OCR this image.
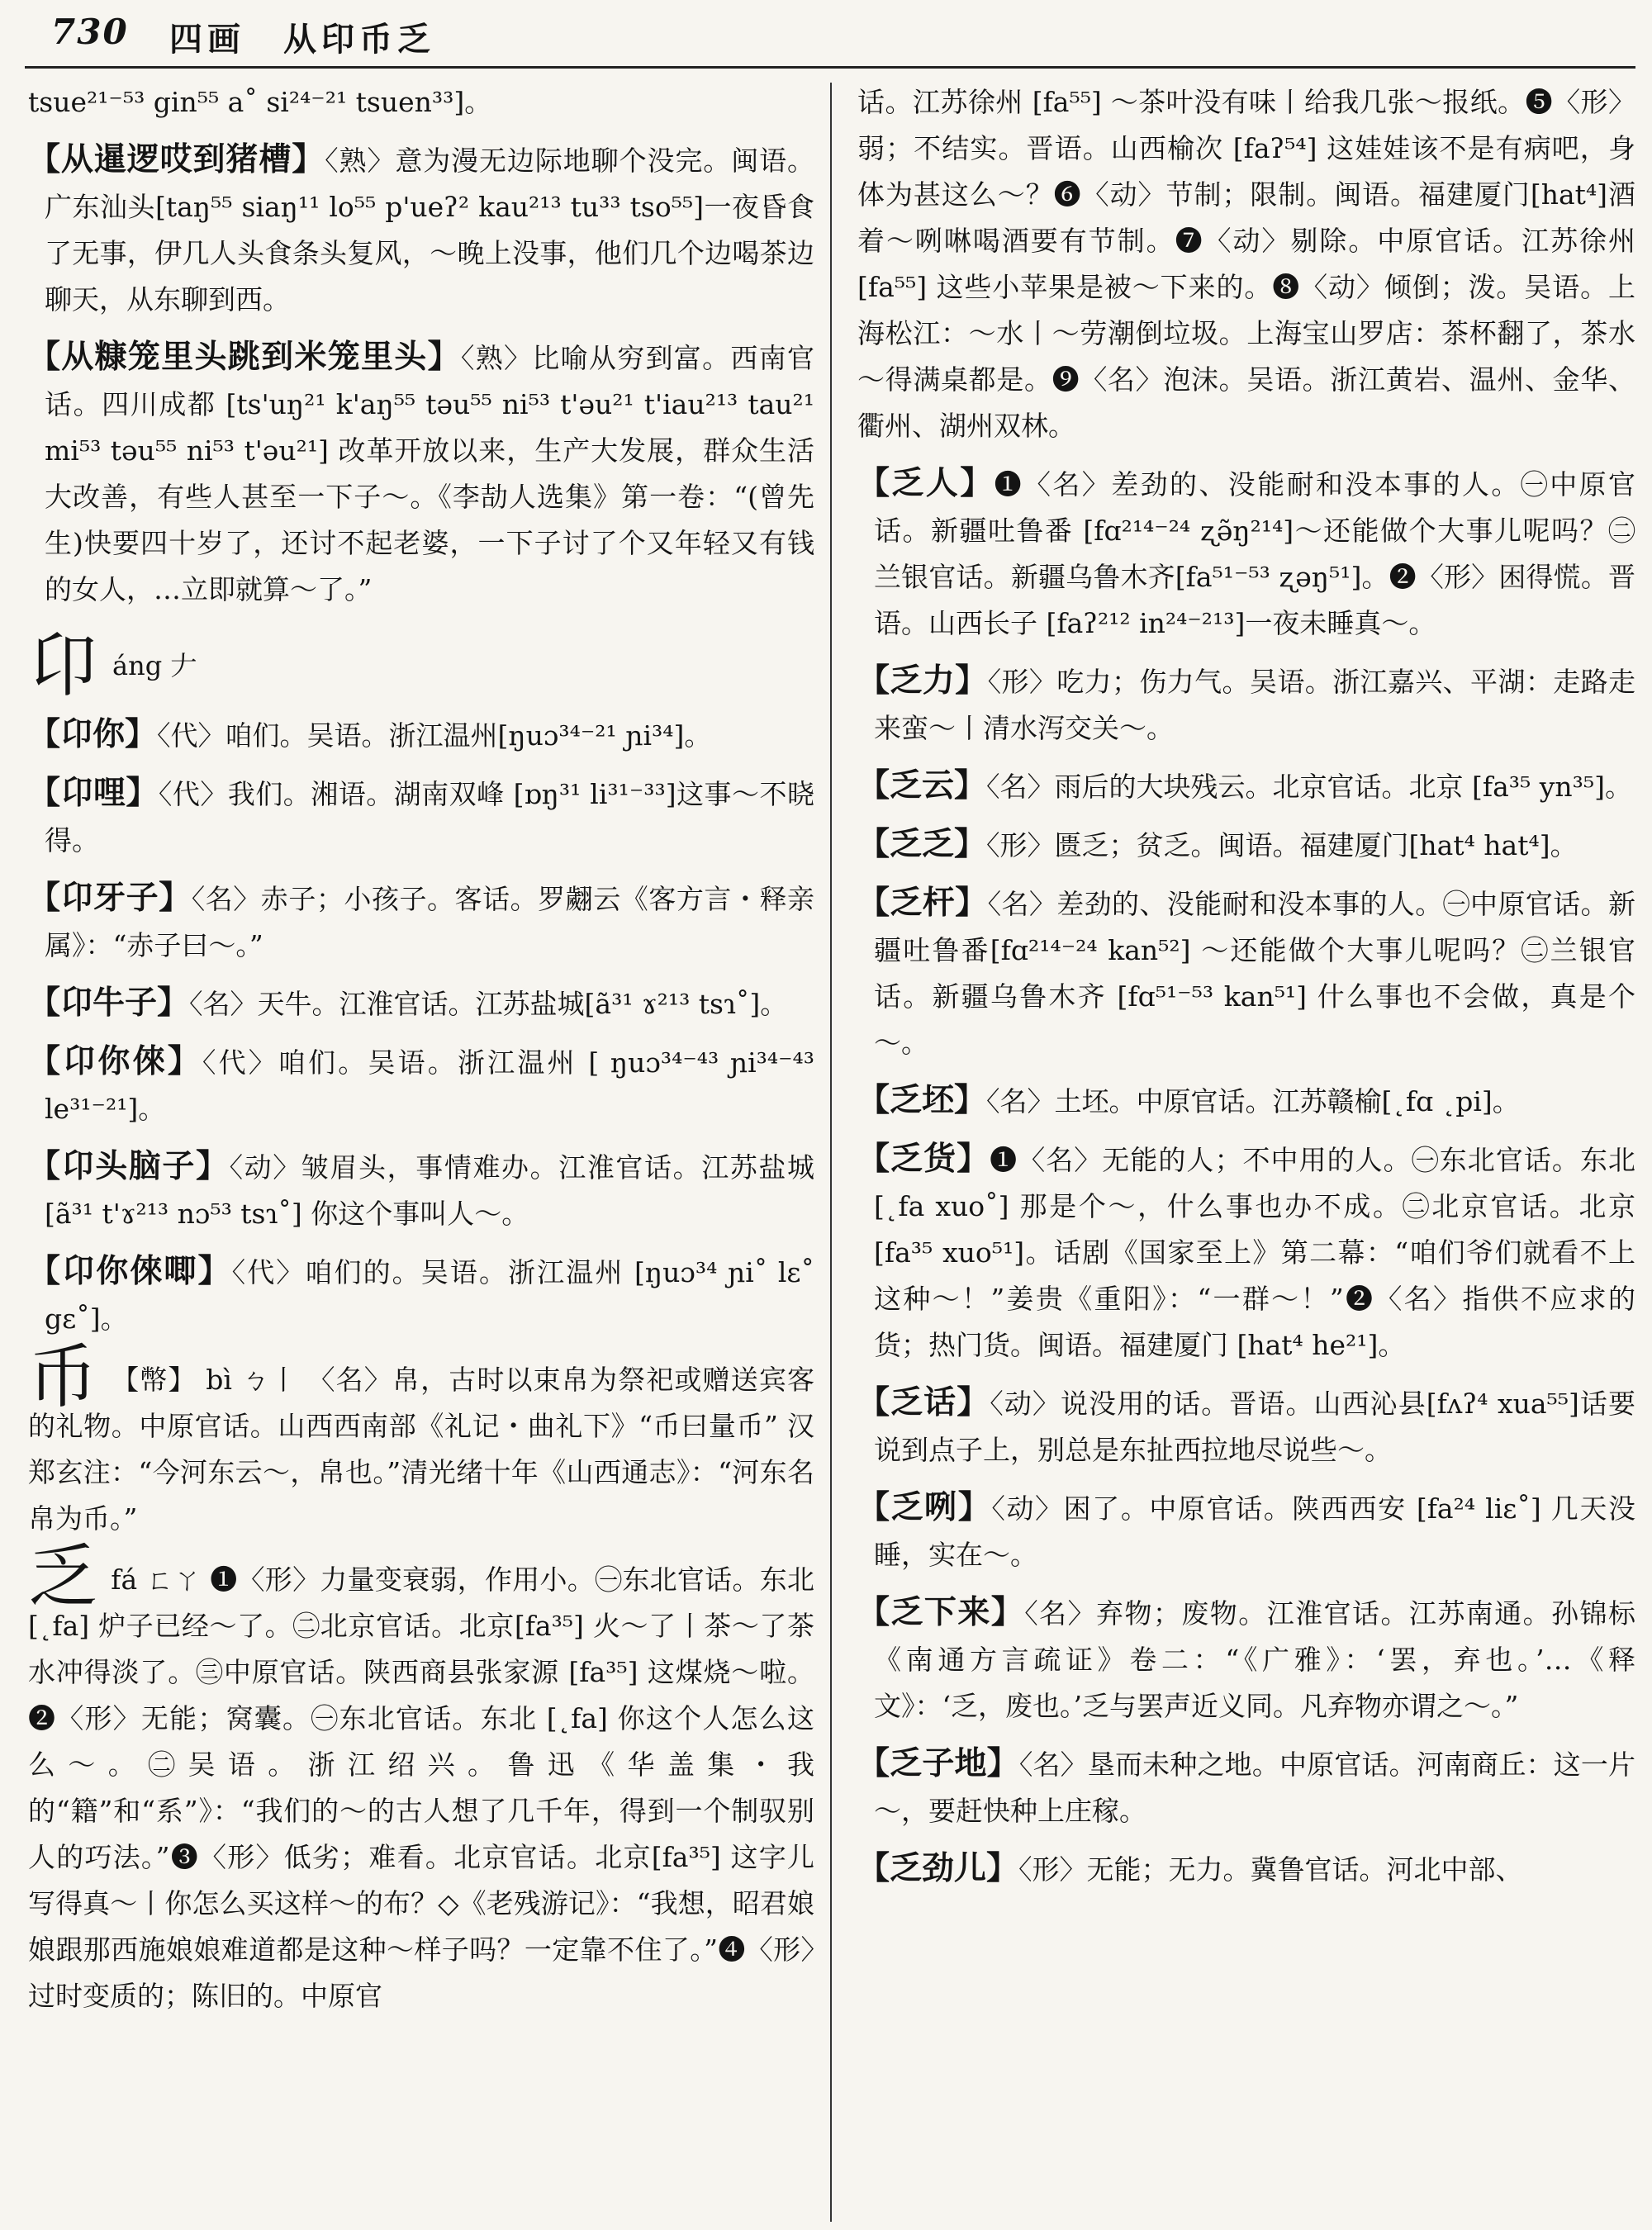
730 四画　从印币乏

tsue²¹⁻⁵³ gin⁵⁵ a˚ si²⁴⁻²¹ tsuen³³]。

【从暹逻哎到猪槽】〈熟〉意为漫无边际地聊个没完。闽语。广东汕头[taŋ⁵⁵ siaŋ¹¹ lo⁵⁵ p'ueʔ² kau²¹³ tu³³ tso⁵⁵]一夜昏食了无事，伊几人头食条头复风，～晚上没事，他们几个边喝茶边聊天，从东聊到西。

【从糠笼里头跳到米笼里头】〈熟〉比喻从穷到富。西南官话。四川成都 [ts'uŋ²¹ k'aŋ⁵⁵ təu⁵⁵ ni⁵³ t'əu²¹ t'iau²¹³ tau²¹ mi⁵³ təu⁵⁵ ni⁵³ t'əu²¹] 改革开放以来，生产大发展，群众生活大改善，有些人甚至一下子～。《李劼人选集》第一卷：“(曾先生)快要四十岁了，还讨不起老婆，一下子讨了个又年轻又有钱的女人，…立即就算～了。”

卬áng 𠂇

【卬你】〈代〉咱们。吴语。浙江温州[ŋuɔ³⁴⁻²¹ ɲi³⁴]。

【卬哩】〈代〉我们。湘语。湖南双峰 [ɒŋ³¹ li³¹⁻³³]这事～不晓得。

【卬牙子】〈名〉赤子；小孩子。客话。罗翽云《客方言・释亲属》：“赤子曰～。”

【卬牛子】〈名〉天牛。江淮官话。江苏盐城[ã³¹ ɤ²¹³ tsɿ˚]。

【卬你倈】〈代〉咱们。吴语。浙江温州 [ ŋuɔ³⁴⁻⁴³ ɲi³⁴⁻⁴³ le³¹⁻²¹]。

【卬头脑子】〈动〉皱眉头，事情难办。江淮官话。江苏盐城 [ã³¹ t'ɤ²¹³ nɔ⁵³ tsɿ˚] 你这个事叫人～。

【卬你倈唧】〈代〉咱们的。吴语。浙江温州 [ŋuɔ³⁴ ɲi˚ lɛ˚ gɛ˚]。

币 【幣】 bì ㄅ丨 〈名〉帛，古时以束帛为祭祀或赠送宾客的礼物。中原官话。山西西南部《礼记・曲礼下》“币曰量币” 汉郑玄注：“今河东云～，帛也。”清光绪十年《山西通志》：“河东名帛为币。”

乏fá ㄈㄚ ❶〈形〉力量变衰弱，作用小。㊀东北官话。东北 [˛fa] 炉子已经～了。㊁北京官话。北京[fa³⁵] 火～了丨茶～了茶水冲得淡了。㊂中原官话。陕西商县张家源 [fa³⁵] 这煤烧～啦。❷〈形〉无能；窝囊。㊀东北官话。东北 [˛fa] 你这个人怎么这么～。㊁吴语。浙江绍兴。鲁迅《华盖集・我的“籍”和“系”》：“我们的～的古人想了几千年，得到一个制驭别人的巧法。”❸〈形〉低劣；难看。北京官话。北京[fa³⁵] 这字儿写得真～丨你怎么买这样～的布？◇《老残游记》：“我想，昭君娘娘跟那西施娘娘难道都是这种～样子吗？一定靠不住了。”❹〈形〉过时变质的；陈旧的。中原官

话。江苏徐州 [fa⁵⁵] ～茶叶没有味丨给我几张～报纸。❺〈形〉弱；不结实。晋语。山西榆次 [faʔ⁵⁴] 这娃娃该不是有病吧，身体为甚这么～？❻〈动〉节制；限制。闽语。福建厦门[hat⁴]酒着～咧啉喝酒要有节制。❼〈动〉剔除。中原官话。江苏徐州 [fa⁵⁵] 这些小苹果是被～下来的。❽〈动〉倾倒；泼。吴语。上海松江：～水丨～劳潮倒垃圾。上海宝山罗店：茶杯翻了，茶水～得满桌都是。❾〈名〉泡沫。吴语。浙江黄岩、温州、金华、衢州、湖州双林。

【乏人】❶〈名〉差劲的、没能耐和没本事的人。㊀中原官话。新疆吐鲁番 [fɑ²¹⁴⁻²⁴ ʐə̃ŋ²¹⁴]～还能做个大事儿呢吗？㊁兰银官话。新疆乌鲁木齐[fa⁵¹⁻⁵³ ʐəŋ⁵¹]。❷〈形〉困得慌。晋语。山西长子 [faʔ²¹² in²⁴⁻²¹³]一夜未睡真～。

【乏力】〈形〉吃力；伤力气。吴语。浙江嘉兴、平湖：走路走来蛮～丨清水泻交关～。

【乏云】〈名〉雨后的大块残云。北京官话。北京 [fa³⁵ yn³⁵]。

【乏乏】〈形〉匮乏；贫乏。闽语。福建厦门[hat⁴ hat⁴]。

【乏杆】〈名〉差劲的、没能耐和没本事的人。㊀中原官话。新疆吐鲁番[fɑ²¹⁴⁻²⁴ kan⁵²] ～还能做个大事儿呢吗？㊁兰银官话。新疆乌鲁木齐 [fɑ⁵¹⁻⁵³ kan⁵¹] 什么事也不会做，真是个～。

【乏坯】〈名〉土坯。中原官话。江苏赣榆[˛fɑ ˛pi]。

【乏货】❶〈名〉无能的人；不中用的人。㊀东北官话。东北 [˛fa xuo˚] 那是个～，什么事也办不成。㊁北京官话。北京 [fa³⁵ xuo⁵¹]。话剧《国家至上》第二幕：“咱们爷们就看不上这种～！”姜贵《重阳》：“一群～！”❷〈名〉指供不应求的货；热门货。闽语。福建厦门 [hat⁴ he²¹]。

【乏话】〈动〉说没用的话。晋语。山西沁县[fʌʔ⁴ xua⁵⁵]话要说到点子上，别总是东扯西拉地尽说些～。

【乏咧】〈动〉困了。中原官话。陕西西安 [fa²⁴ liɛ˚] 几天没睡，实在～。

【乏下来】〈名〉弃物；废物。江淮官话。江苏南通。孙锦标《南通方言疏证》卷二：“《广雅》：‘罢，弃也。’…《释文》：‘乏，废也。’乏与罢声近义同。凡弃物亦谓之～。”

【乏子地】〈名〉垦而未种之地。中原官话。河南商丘：这一片～，要赶快种上庄稼。

【乏劲儿】〈形〉无能；无力。冀鲁官话。河北中部、
